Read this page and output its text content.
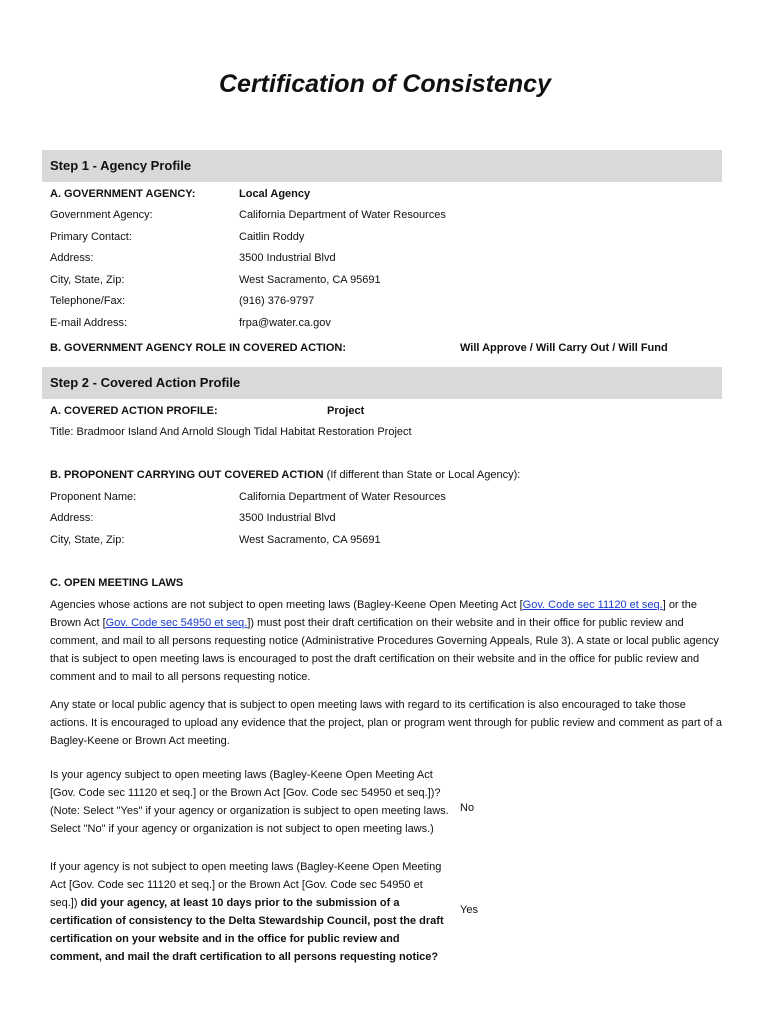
Certification of Consistency
Step 1 - Agency Profile
A. GOVERNMENT AGENCY:	Local Agency
Government Agency:	California Department of Water Resources
Primary Contact:	Caitlin Roddy
Address:	3500 Industrial Blvd
City, State, Zip:	West Sacramento, CA 95691
Telephone/Fax:	(916) 376-9797
E-mail Address:	frpa@water.ca.gov
B. GOVERNMENT AGENCY ROLE IN COVERED ACTION:	Will Approve / Will Carry Out / Will Fund
Step 2 - Covered Action Profile
A. COVERED ACTION PROFILE:	Project
Title: Bradmoor Island And Arnold Slough Tidal Habitat Restoration Project
B. PROPONENT CARRYING OUT COVERED ACTION (If different than State or Local Agency):
Proponent Name:	California Department of Water Resources
Address:	3500 Industrial Blvd
City, State, Zip:	West Sacramento, CA 95691
C. OPEN MEETING LAWS

Agencies whose actions are not subject to open meeting laws (Bagley-Keene Open Meeting Act [Gov. Code sec 11120 et seq.] or the Brown Act [Gov. Code sec 54950 et seq.]) must post their draft certification on their website and in their office for public review and comment, and mail to all persons requesting notice (Administrative Procedures Governing Appeals, Rule 3). A state or local public agency that is subject to open meeting laws is encouraged to post the draft certification on their website and in the office for public review and comment and to mail to all persons requesting notice.

Any state or local public agency that is subject to open meeting laws with regard to its certification is also encouraged to take those actions. It is encouraged to upload any evidence that the project, plan or program went through for public review and comment as part of a Bagley-Keene or Brown Act meeting.

Is your agency subject to open meeting laws (Bagley-Keene Open Meeting Act [Gov. Code sec 11120 et seq.] or the Brown Act [Gov. Code sec 54950 et seq.])? (Note: Select "Yes" if your agency or organization is subject to open meeting laws. Select "No" if your agency or organization is not subject to open meeting laws.)

No

If your agency is not subject to open meeting laws (Bagley-Keene Open Meeting Act [Gov. Code sec 11120 et seq.] or the Brown Act [Gov. Code sec 54950 et seq.]) did your agency, at least 10 days prior to the submission of a certification of consistency to the Delta Stewardship Council, post the draft certification on your website and in the office for public review and comment, and mail the draft certification to all persons requesting notice?

Yes
